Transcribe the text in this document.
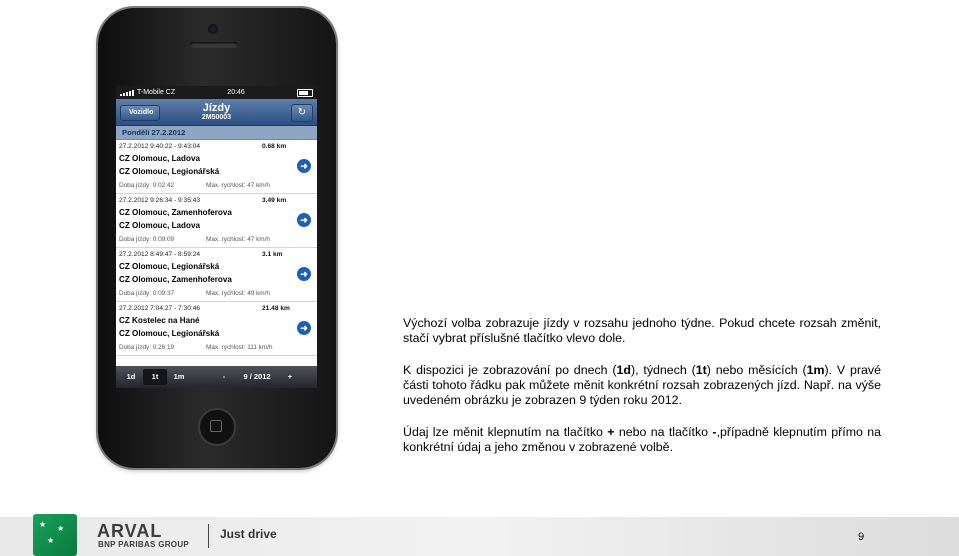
T-Mobile CZ	20:46
Vozidlo	Jízdy
2M50003	↻
Pondělí 27.2.2012
27.2.2012 9:40:22 - 9:43:04	0.68 km
CZ Olomouc, Ladova
CZ Olomouc, Legionářská
Doba jízdy: 0:02:42	Max. rychlost: 47 km/h
➜
27.2.2012 9:26:34 - 9:35:43	3.49 km
CZ Olomouc, Zamenhoferova
CZ Olomouc, Ladova
Doba jízdy: 0:09:09	Max. rychlost: 47 km/h
➜
27.2.2012 8:49:47 - 8:59:24	3.1 km
CZ Olomouc, Legionářská
CZ Olomouc, Zamenhoferova
Doba jízdy: 0:09:37	Max. rychlost: 49 km/h
➜
27.2.2012 7:04:27 - 7:30:46	21.48 km
CZ Kostelec na Hané
CZ Olomouc, Legionářská
Doba jízdy: 0:26:19	Max. rychlost: 111 km/h
➜
1d	1t	1m	-	9 / 2012	+

Výchozí volba zobrazuje jízdy v rozsahu jednoho týdne. Pokud chcete rozsah změnit, stačí vybrat příslušné tlačítko vlevo dole.

K dispozici je zobrazování po dnech (1d), týdnech (1t) nebo měsících (1m). V pravé části tohoto řádku pak můžete měnit konkrétní rozsah zobrazených jízd. Např. na výše uvedeném obrázku je zobrazen 9 týden roku 2012.

Údaj lze měnit klepnutím na tlačítko + nebo na tlačítko -,případně klepnutím přímo na konkrétní údaj a jeho změnou v zobrazené volbě.

★ ★
★ ARVAL
BNP PARIBAS GROUP
Just drive	9
